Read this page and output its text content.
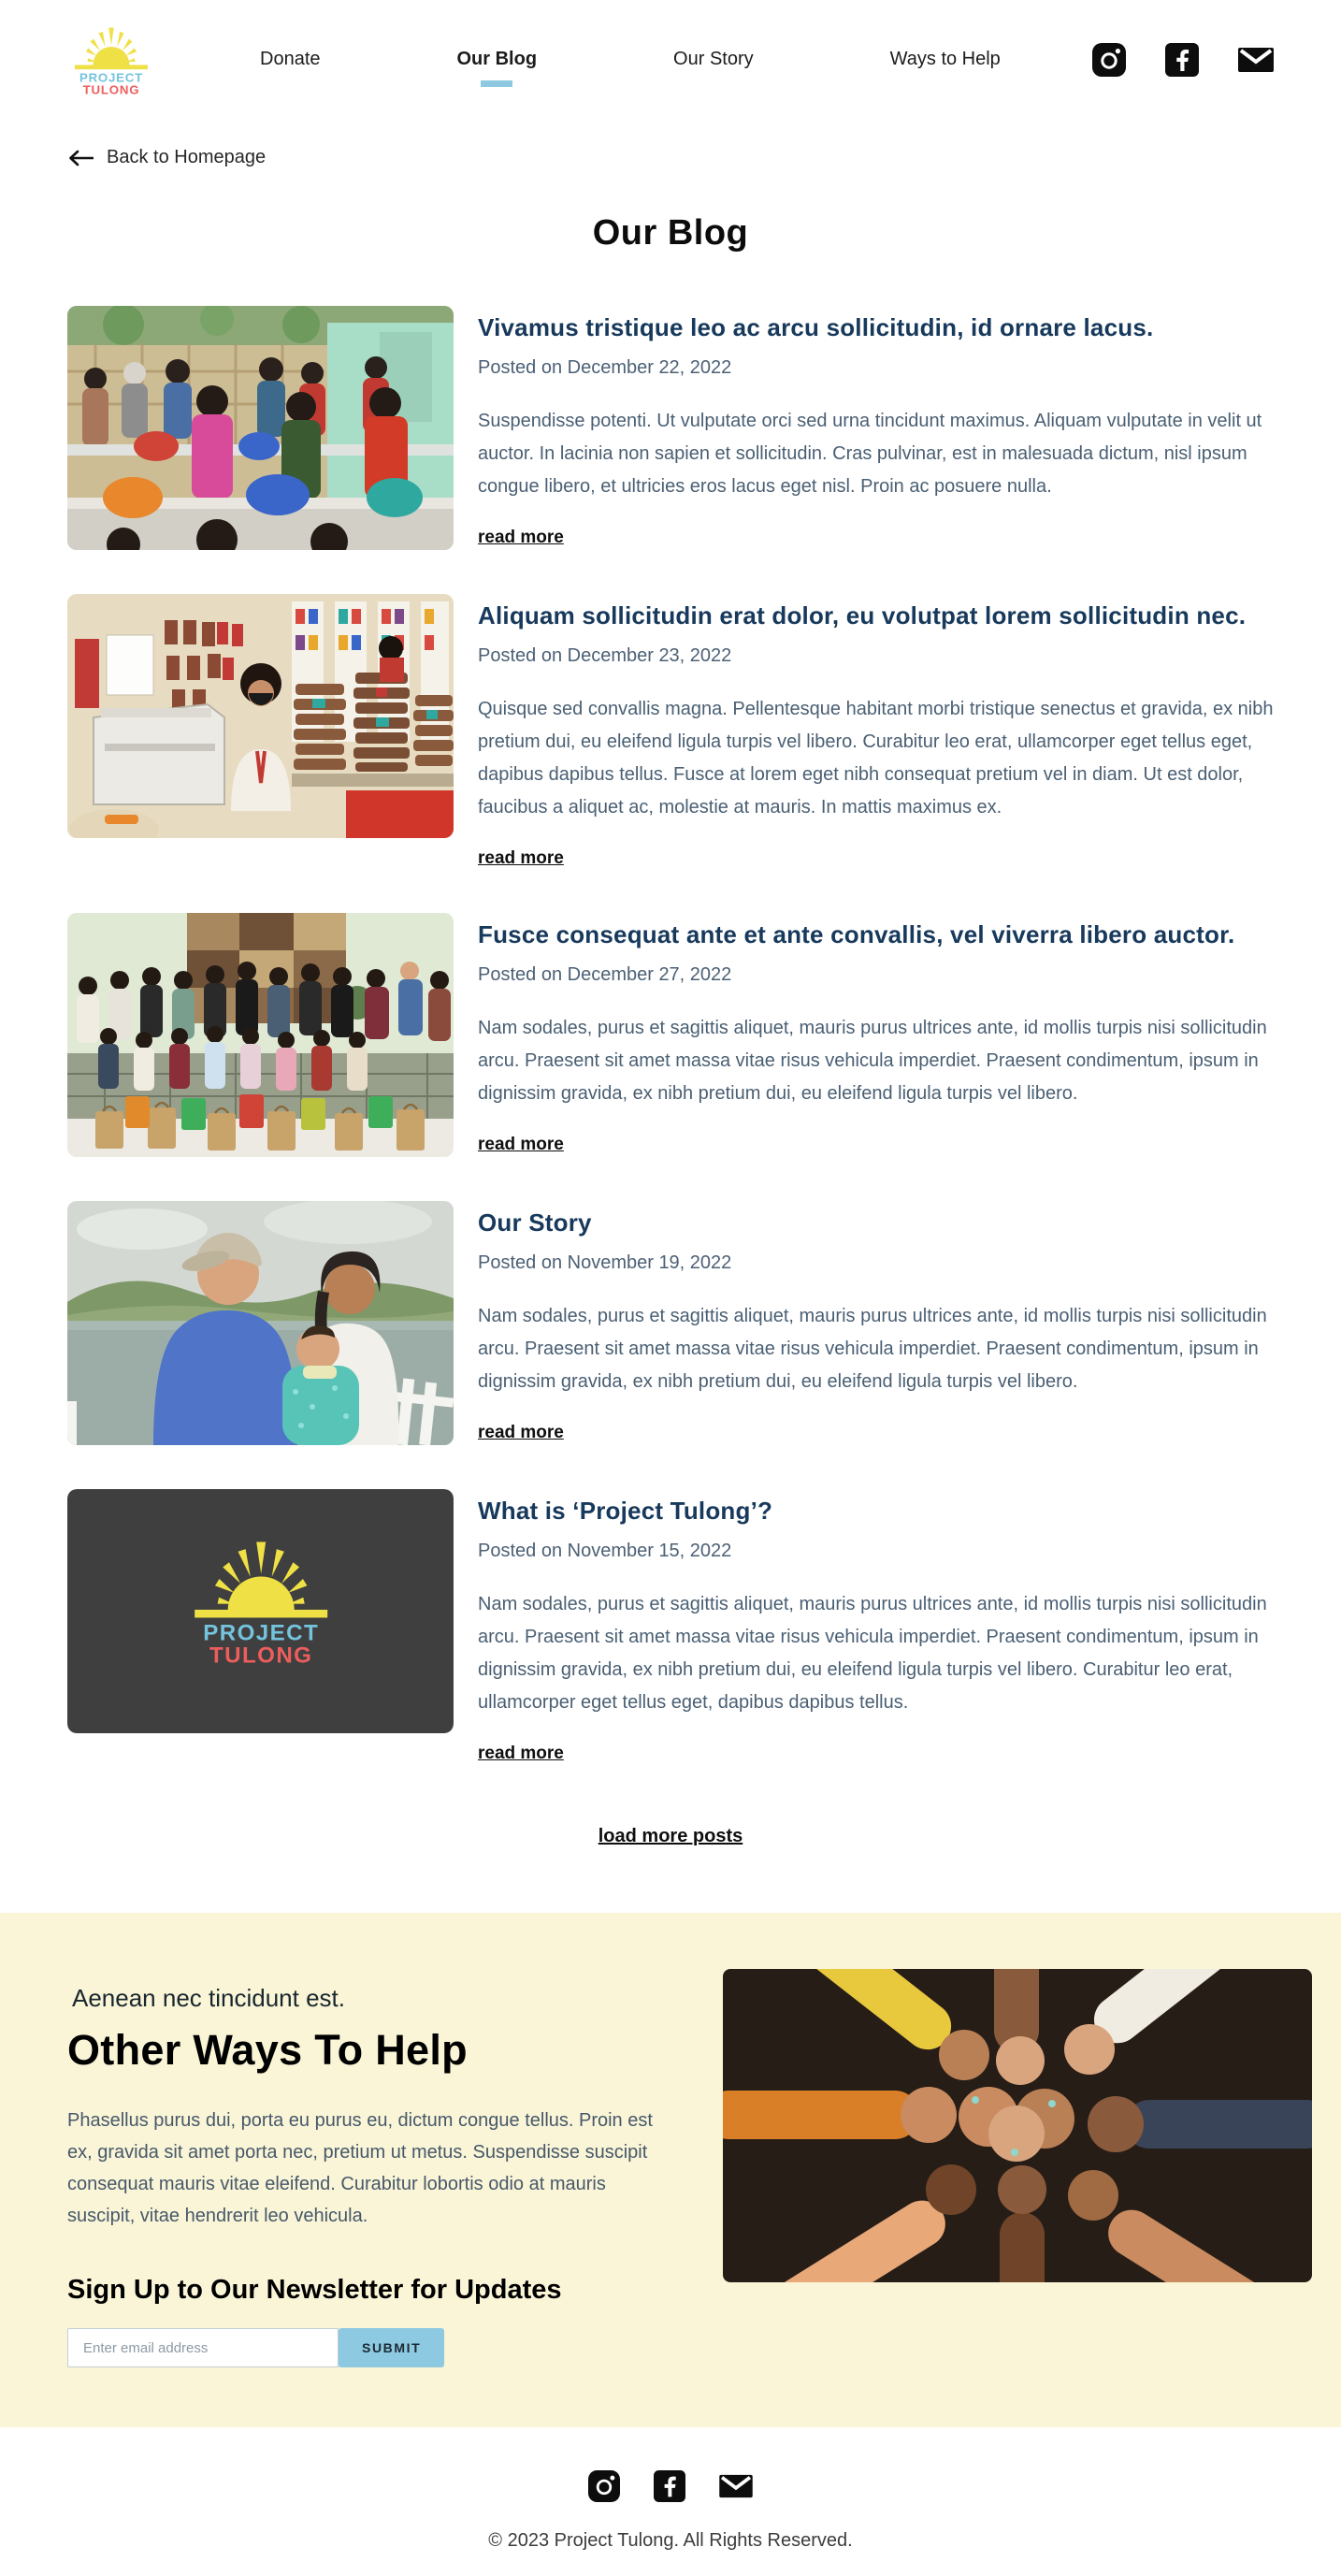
PROJECT
TULONG
Donate	Our Blog	Our Story	Ways to Help
Back to Homepage
Our Blog
Vivamus tristique leo ac arcu sollicitudin, id ornare lacus.

Posted on December 22, 2022

Suspendisse potenti. Ut vulputate orci sed urna tincidunt maximus. Aliquam vulputate in velit ut auctor. In lacinia non sapien et sollicitudin. Cras pulvinar, est in malesuada dictum, nisl ipsum congue libero, et ultricies eros lacus eget nisl. Proin ac posuere nulla.

read more
Aliquam sollicitudin erat dolor, eu volutpat lorem sollicitudin nec.

Posted on December 23, 2022

Quisque sed convallis magna. Pellentesque habitant morbi tristique senectus et gravida, ex nibh pretium dui, eu eleifend ligula turpis vel libero. Curabitur leo erat, ullamcorper eget tellus eget, dapibus dapibus tellus. Fusce at lorem eget nibh consequat pretium vel in diam. Ut est dolor, faucibus a aliquet ac, molestie at mauris. In mattis maximus ex.

read more
Fusce consequat ante et ante convallis, vel viverra libero auctor.

Posted on December 27, 2022

Nam sodales, purus et sagittis aliquet, mauris purus ultrices ante, id mollis turpis nisi sollicitudin arcu. Praesent sit amet massa vitae risus vehicula imperdiet. Praesent condimentum, ipsum in dignissim gravida, ex nibh pretium dui, eu eleifend ligula turpis vel libero.

read more
Our Story

Posted on November 19, 2022

Nam sodales, purus et sagittis aliquet, mauris purus ultrices ante, id mollis turpis nisi sollicitudin arcu. Praesent sit amet massa vitae risus vehicula imperdiet. Praesent condimentum, ipsum in dignissim gravida, ex nibh pretium dui, eu eleifend ligula turpis vel libero.

read more
PROJECT
TULONG
What is ‘Project Tulong’?

Posted on November 15, 2022

Nam sodales, purus et sagittis aliquet, mauris purus ultrices ante, id mollis turpis nisi sollicitudin arcu. Praesent sit amet massa vitae risus vehicula imperdiet. Praesent condimentum, ipsum in dignissim gravida, ex nibh pretium dui, eu eleifend ligula turpis vel libero. Curabitur leo erat, ullamcorper eget tellus eget, dapibus dapibus tellus.

read more
load more posts

Aenean nec tincidunt est.

Other Ways To Help

Phasellus purus dui, porta eu purus eu, dictum congue tellus. Proin est ex, gravida sit amet porta nec, pretium ut metus. Suspendisse suscipit consequat mauris vitae eleifend. Curabitur lobortis odio at mauris suscipit, vitae hendrerit leo vehicula.

Sign Up to Our Newsletter for Updates
Enter email address
SUBMIT

© 2023 Project Tulong. All Rights Reserved.
